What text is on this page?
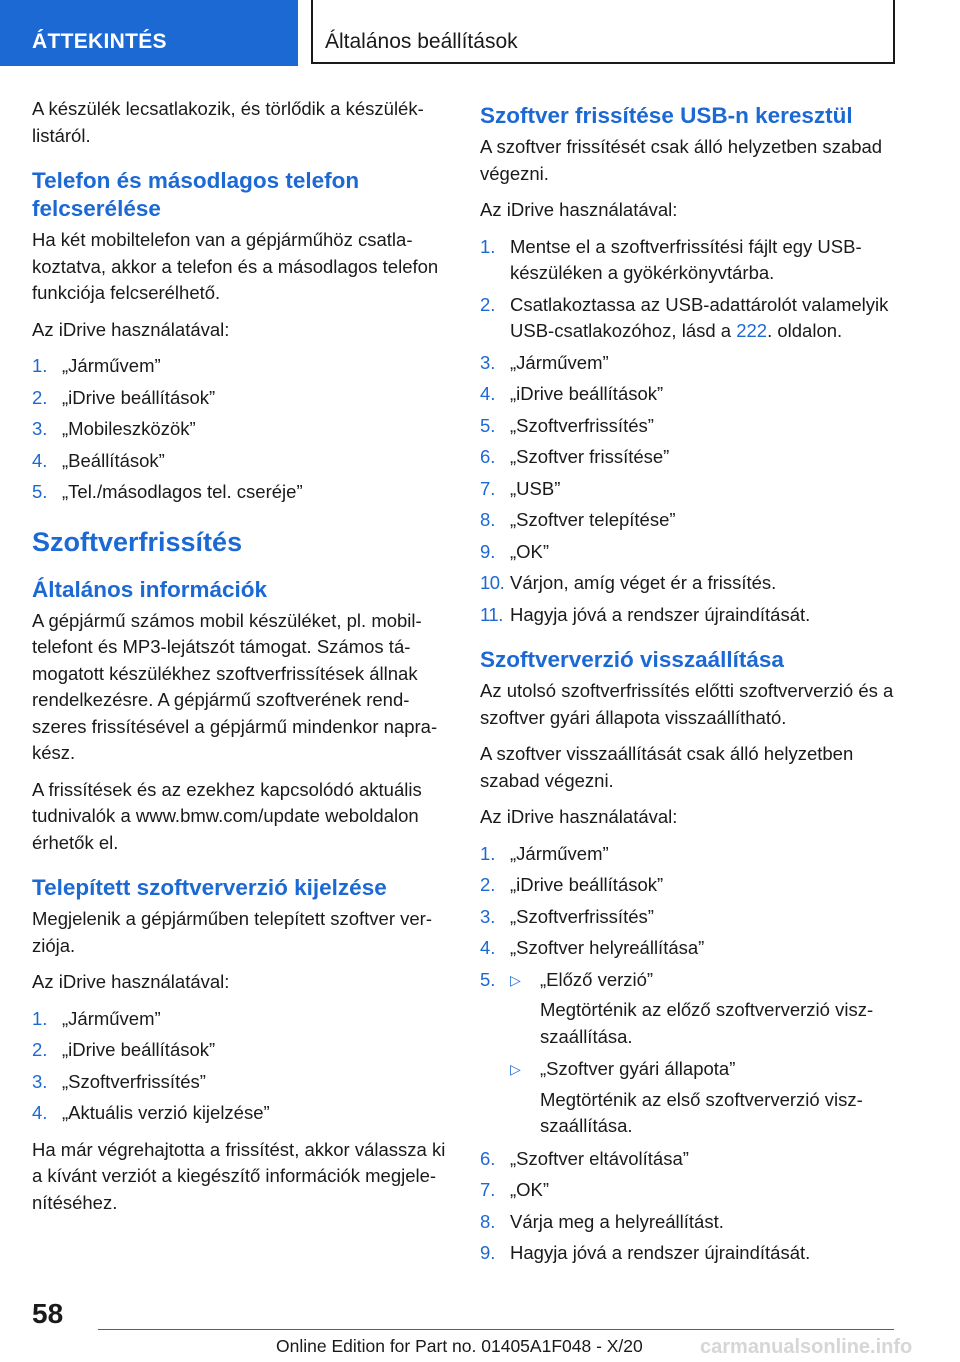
ÁTTEKINTÉS	Általános beállítások

A készülék lecsatlakozik, és törlődik a készülék-listáról.

Telefon és másodlagos telefon felcserélése

Ha két mobiltelefon van a gépjárműhöz csatla-koztatva, akkor a telefon és a másodlagos telefon funkciója felcserélhető.

Az iDrive használatával:

1. „Járművem”
2. „iDrive beállítások”
3. „Mobileszközök”
4. „Beállítások”
5. „Tel./másodlagos tel. cseréje”
Szoftverfrissítés
Általános információk

A gépjármű számos mobil készüléket, pl. mobil-telefont és MP3-lejátszót támogat. Számos tá-mogatott készülékhez szoftverfrissítések állnak rendelkezésre. A gépjármű szoftverének rend-szeres frissítésével a gépjármű mindenkor napra-kész.

A frissítések és az ezekhez kapcsolódó aktuális tudnivalók a www.bmw.com/update weboldalon érhetők el.

Telepített szoftververzió kijelzése

Megjelenik a gépjárműben telepített szoftver ver-ziója.

Az iDrive használatával:

1. „Járművem”
2. „iDrive beállítások”
3. „Szoftverfrissítés”
4. „Aktuális verzió kijelzése”

Ha már végrehajtotta a frissítést, akkor válassza ki a kívánt verziót a kiegészítő információk megjele-nítéséhez.

Szoftver frissítése USB-n keresztül

A szoftver frissítését csak álló helyzetben szabad végezni.

Az iDrive használatával:

1. Mentse el a szoftverfrissítési fájlt egy USB-készüléken a gyökérkönyvtárba.
2. Csatlakoztassa az USB-adattárolót valamelyik USB-csatlakozóhoz, lásd a 222. oldalon.
3. „Járművem”
4. „iDrive beállítások”
5. „Szoftverfrissítés”
6. „Szoftver frissítése”
7. „USB”
8. „Szoftver telepítése”
9. „OK”
10. Várjon, amíg véget ér a frissítés.
11. Hagyja jóvá a rendszer újraindítását.
Szoftververzió visszaállítása

Az utolsó szoftverfrissítés előtti szoftververzió és a szoftver gyári állapota visszaállítható.

A szoftver visszaállítását csak álló helyzetben szabad végezni.

Az iDrive használatával:

1. „Járművem”
2. „iDrive beállítások”
3. „Szoftverfrissítés”
4. „Szoftver helyreállítása”
5. ▷ „Előző verzió”
Megtörténik az előző szoftververzió visz-szaállítása.
▷ „Szoftver gyári állapota”
Megtörténik az első szoftververzió visz-szaállítása.
6. „Szoftver eltávolítása”
7. „OK”
8. Várja meg a helyreállítást.
9. Hagyja jóvá a rendszer újraindítását.
58
Online Edition for Part no. 01405A1F048 - X/20	carmanualsonline.info
